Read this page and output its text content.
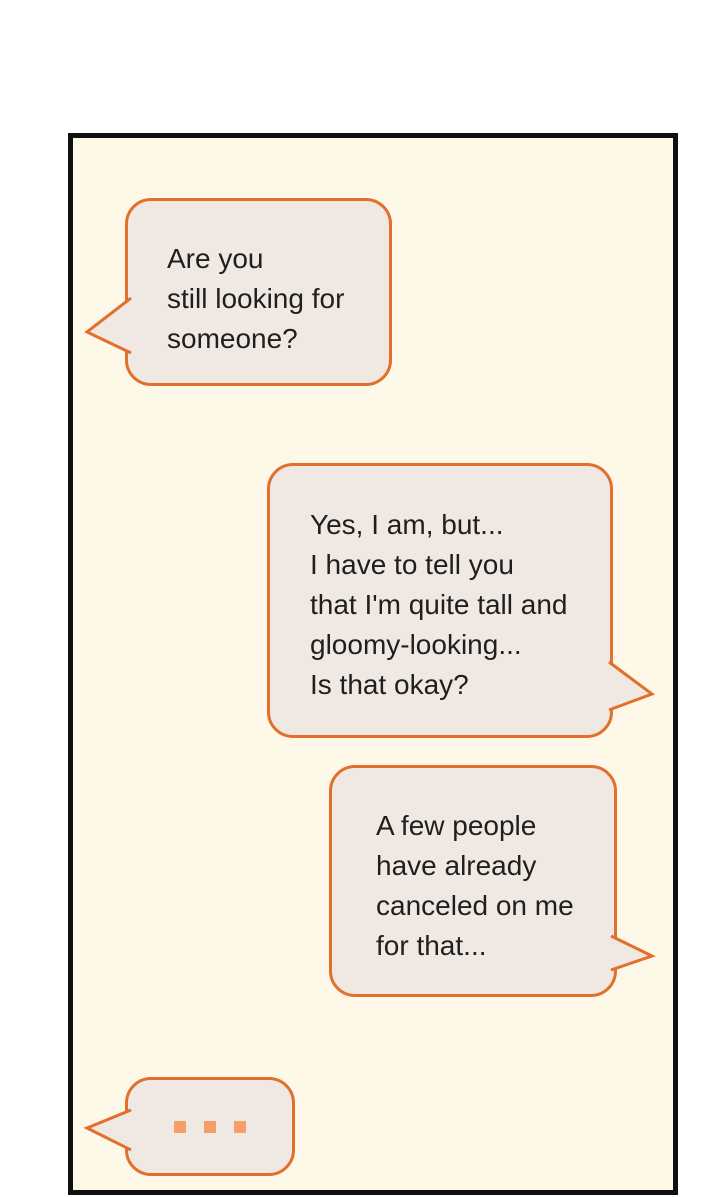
Are you
still looking for
someone?
Yes, I am, but...
I have to tell you
that I'm quite tall and
gloomy-looking...
Is that okay?
A few people
have already
canceled on me
for that...
